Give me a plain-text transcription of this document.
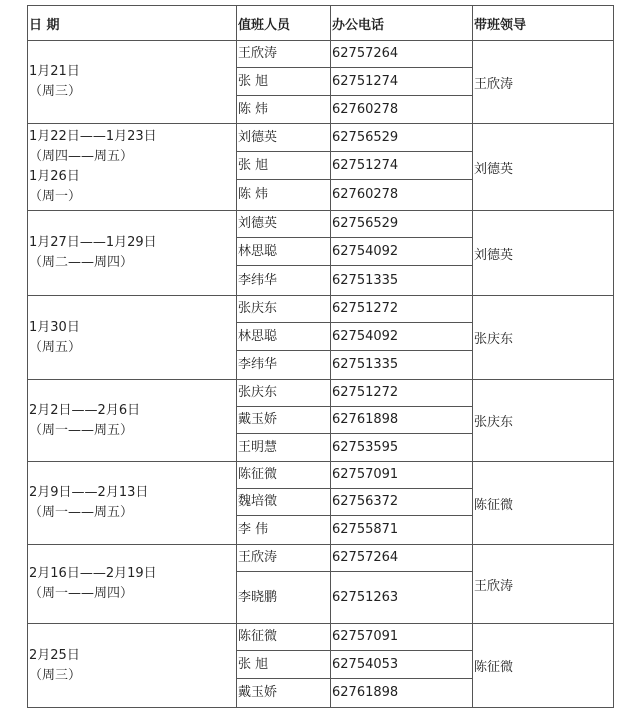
日 期	值班人员	办公电话	带班领导

1月21日
（周三）	王欣涛	62757264	王欣涛
	张 旭	62751274	
	陈 炜	62760278	

1月22日——1月23日
（周四——周五）
1月26日
（周一）	刘德英	62756529	刘德英
	张 旭	62751274	
	陈 炜	62760278	

1月27日——1月29日
（周二——周四）	刘德英	62756529	刘德英
	林思聪	62754092	
	李纬华	62751335	

1月30日
（周五）	张庆东	62751272	张庆东
	林思聪	62754092	
	李纬华	62751335	

2月2日——2月6日
（周一——周五）	张庆东	62751272	张庆东
	戴玉娇	62761898	
	王明慧	62753595	

2月9日——2月13日
（周一——周五）	陈征微	62757091	陈征微
	魏培徵	62756372	
	李 伟	62755871	

2月16日——2月19日
（周一——周四）	王欣涛	62757264	王欣涛
	李晓鹏	62751263	

2月25日
（周三）	陈征微	62757091	陈征微
	张 旭	62754053	
	戴玉娇	62761898	
